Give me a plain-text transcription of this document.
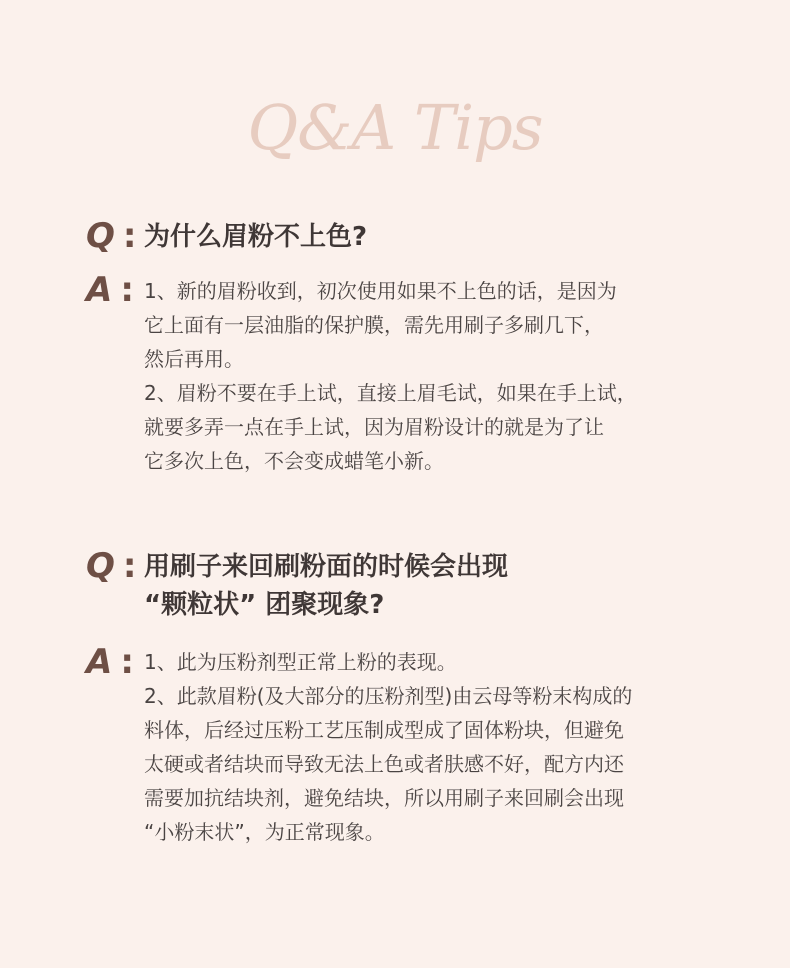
Q&A Tips
Q : 为什么眉粉不上色?
A : 1、新的眉粉收到，初次使用如果不上色的话，是因为
它上面有一层油脂的保护膜，需先用刷子多刷几下，
然后再用。
2、眉粉不要在手上试，直接上眉毛试，如果在手上试，
就要多弄一点在手上试，因为眉粉设计的就是为了让
它多次上色，不会变成蜡笔小新。
Q : 用刷子来回刷粉面的时候会出现
“颗粒状” 团聚现象?
A : 1、此为压粉剂型正常上粉的表现。
2、此款眉粉(及大部分的压粉剂型)由云母等粉末构成的
料体，后经过压粉工艺压制成型成了固体粉块，但避免
太硬或者结块而导致无法上色或者肤感不好，配方内还
需要加抗结块剂，避免结块，所以用刷子来回刷会出现
“小粉末状”，为正常现象。
